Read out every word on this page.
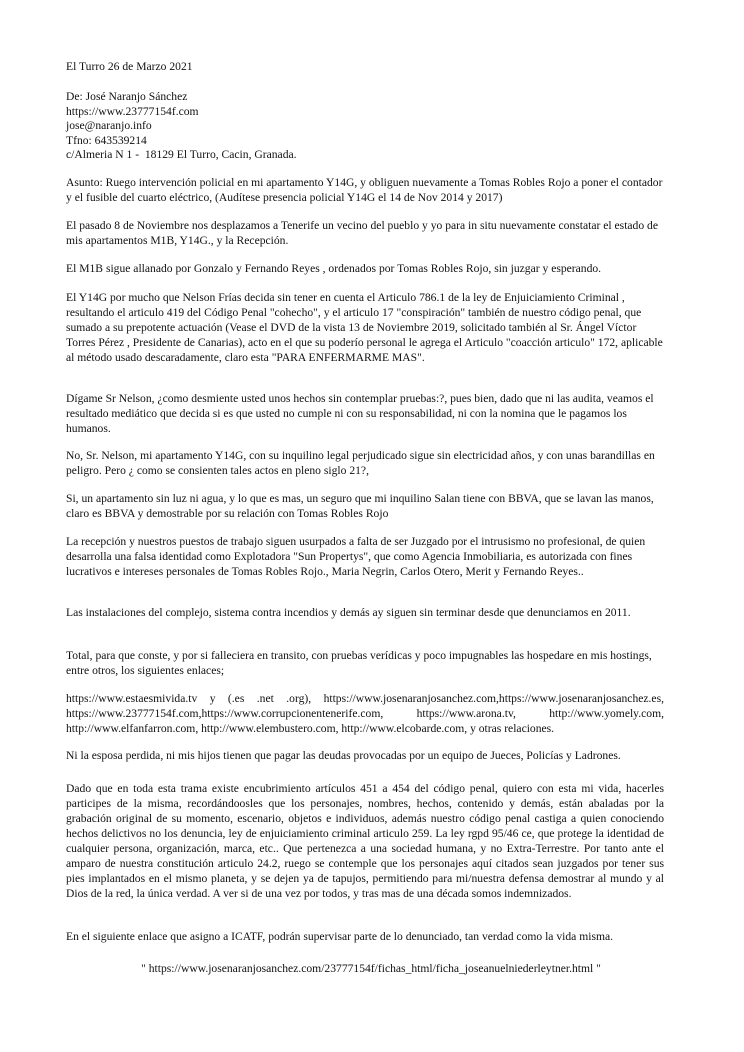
El Turro 26 de Marzo 2021

De: José Naranjo Sánchez

https://www.23777154f.com

jose@naranjo.info

Tfno: 643539214

c/Almeria N 1 -  18129 El Turro, Cacin, Granada.

Asunto: Ruego intervención policial en mi apartamento Y14G, y obliguen nuevamente a Tomas Robles Rojo a poner el contador y el fusible del cuarto eléctrico, (Audítese presencia policial Y14G el 14 de Nov 2014 y 2017)

El pasado 8 de Noviembre nos desplazamos a Tenerife un vecino del pueblo y yo para in situ nuevamente constatar el estado de mis apartamentos M1B, Y14G., y la Recepción.

El M1B sigue allanado por Gonzalo y Fernando Reyes , ordenados por Tomas Robles Rojo, sin juzgar y esperando.

El Y14G por mucho que Nelson Frías decida sin tener en cuenta el Articulo 786.1 de la ley de Enjuiciamiento Criminal , resultando el articulo 419 del Código Penal "cohecho", y el articulo 17 "conspiración" también de nuestro código penal, que sumado a su prepotente actuación (Vease el DVD de la vista 13 de Noviembre 2019, solicitado también al Sr. Ángel Víctor Torres Pérez , Presidente de Canarias), acto en el que su poderío personal le agrega el Articulo "coacción articulo" 172, aplicable al método usado descaradamente, claro esta "PARA ENFERMARME MAS".

Dígame Sr Nelson, ¿como desmiente usted unos hechos sin contemplar pruebas:?, pues bien, dado que ni las audita, veamos el resultado mediático que decida si es que usted no cumple ni con su responsabilidad, ni con la nomina que le pagamos los humanos.

No, Sr. Nelson, mi apartamento Y14G, con su inquilino legal perjudicado sigue sin electricidad años, y con unas barandillas en peligro. Pero ¿ como se consienten tales actos en pleno siglo 21?,

Si, un apartamento sin luz ni agua, y lo que es mas, un seguro que mi inquilino Salan tiene con BBVA, que se lavan las manos, claro es BBVA y demostrable por su relación con Tomas Robles Rojo

La recepción y nuestros puestos de trabajo siguen usurpados a falta de ser Juzgado por el intrusismo no profesional, de quien desarrolla una falsa identidad como Explotadora "Sun Propertys", que como Agencia Inmobiliaria, es autorizada con fines lucrativos e intereses personales de Tomas Robles Rojo., Maria Negrin, Carlos Otero, Merit y Fernando Reyes..

Las instalaciones del complejo, sistema contra incendios y demás ay siguen sin terminar desde que denunciamos en 2011.

Total, para que conste, y por si falleciera en transito, con pruebas verídicas y poco impugnables las hospedare en mis hostings, entre otros, los siguientes enlaces;

https://www.estaesmivida.tv y (.es .net .org), https://www.josenaranjosanchez.com,https://www.josenaranjosanchez.es, https://www.23777154f.com,https://www.corrupcionentenerife.com, https://www.arona.tv, http://www.yomely.com, http://www.elfanfarron.com, http://www.elembustero.com, http://www.elcobarde.com, y otras relaciones.

Ni la esposa perdida, ni mis hijos tienen que pagar las deudas provocadas por un equipo de Jueces, Policías y Ladrones.

Dado que en toda esta trama existe encubrimiento artículos 451 a 454 del código penal, quiero con esta mi vida, hacerles participes de la misma, recordándoosles que los personajes, nombres, hechos, contenido y demás, están abaladas por la grabación original de su momento, escenario, objetos e individuos, además nuestro código penal castiga a quien conociendo hechos delictivos no los denuncia, ley de enjuiciamiento criminal articulo 259. La ley rgpd 95/46 ce, que protege la identidad de cualquier persona, organización, marca, etc.. Que pertenezca a una sociedad humana, y no Extra-Terrestre. Por tanto ante el amparo de nuestra constitución articulo 24.2, ruego se contemple que los personajes aquí citados sean juzgados por tener sus pies implantados en el mismo planeta, y se dejen ya de tapujos, permitiendo para mi/nuestra defensa demostrar al mundo y al Dios de la red, la única verdad. A ver si de una vez por todos, y tras mas de una década somos indemnizados.

En el siguiente enlace que asigno a ICATF, podrán supervisar parte de lo denunciado, tan verdad como la vida misma.

" https://www.josenaranjosanchez.com/23777154f/fichas_html/ficha_joseanuelniederleytner.html "
